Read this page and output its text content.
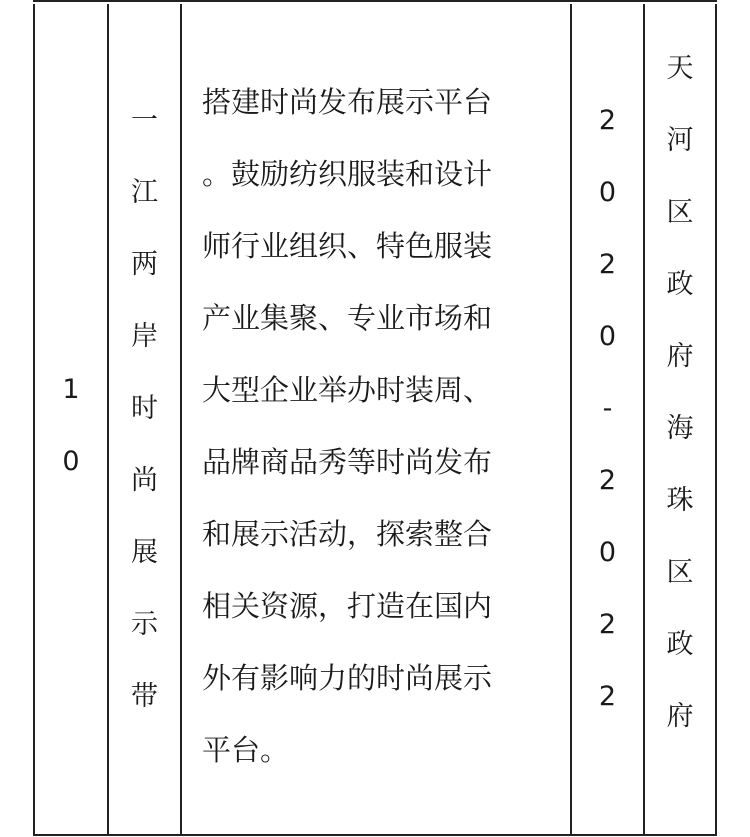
1
0
一
江
两
岸
时
尚
展
示
带
搭建时尚发布展示平台
。鼓励纺织服装和设计
师行业组织、特色服装
产业集聚、专业市场和
大型企业举办时装周、
品牌商品秀等时尚发布
和展示活动，探索整合
相关资源，打造在国内
外有影响力的时尚展示
平台。
2
0
2
0
-
2
0
2
2
天
河
区
政
府
海
珠
区
政
府
